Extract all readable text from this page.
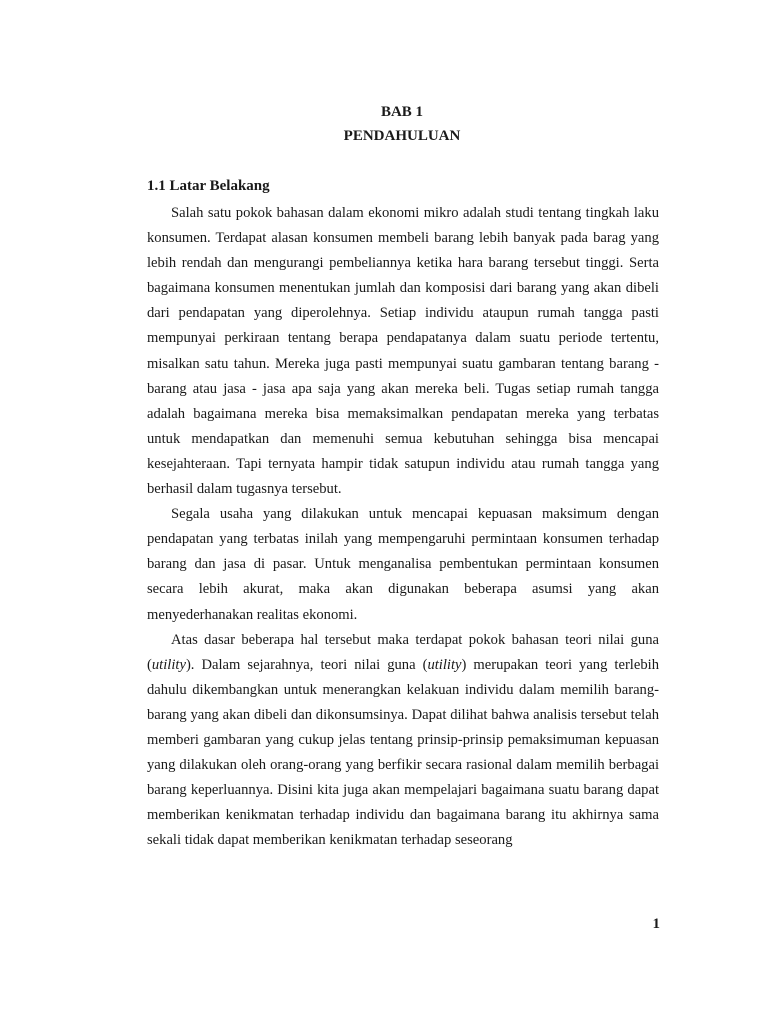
BAB 1
PENDAHULUAN
1.1 Latar Belakang

Salah satu pokok bahasan dalam ekonomi mikro adalah studi tentang tingkah laku konsumen. Terdapat alasan konsumen membeli barang lebih banyak pada barag yang lebih rendah dan mengurangi pembeliannya ketika hara barang tersebut tinggi. Serta bagaimana konsumen menentukan jumlah dan komposisi dari barang yang akan dibeli dari pendapatan yang diperolehnya. Setiap individu ataupun rumah tangga pasti mempunyai perkiraan tentang berapa pendapatanya dalam suatu periode tertentu, misalkan satu tahun. Mereka juga pasti mempunyai suatu gambaran tentang barang - barang atau jasa - jasa apa saja yang akan mereka beli. Tugas setiap rumah tangga adalah bagaimana mereka bisa memaksimalkan pendapatan mereka yang terbatas untuk mendapatkan dan memenuhi semua kebutuhan sehingga bisa mencapai kesejahteraan. Tapi ternyata hampir tidak satupun individu atau rumah tangga yang berhasil dalam tugasnya tersebut.

Segala usaha yang dilakukan untuk mencapai kepuasan maksimum dengan pendapatan yang terbatas inilah yang mempengaruhi permintaan konsumen terhadap barang dan jasa di pasar. Untuk menganalisa pembentukan permintaan konsumen secara lebih akurat, maka akan digunakan beberapa asumsi yang akan menyederhanakan realitas ekonomi.

Atas dasar beberapa hal tersebut maka terdapat pokok bahasan teori nilai guna (utility). Dalam sejarahnya, teori nilai guna (utility) merupakan teori yang terlebih dahulu dikembangkan untuk menerangkan kelakuan individu dalam memilih barang-barang yang akan dibeli dan dikonsumsinya. Dapat dilihat bahwa analisis tersebut telah memberi gambaran yang cukup jelas tentang prinsip-prinsip pemaksimuman kepuasan yang dilakukan oleh orang-orang yang berfikir secara rasional dalam memilih berbagai barang keperluannya. Disini kita juga akan mempelajari bagaimana suatu barang dapat memberikan kenikmatan terhadap individu dan bagaimana barang itu akhirnya sama sekali tidak dapat memberikan kenikmatan terhadap seseorang

1
